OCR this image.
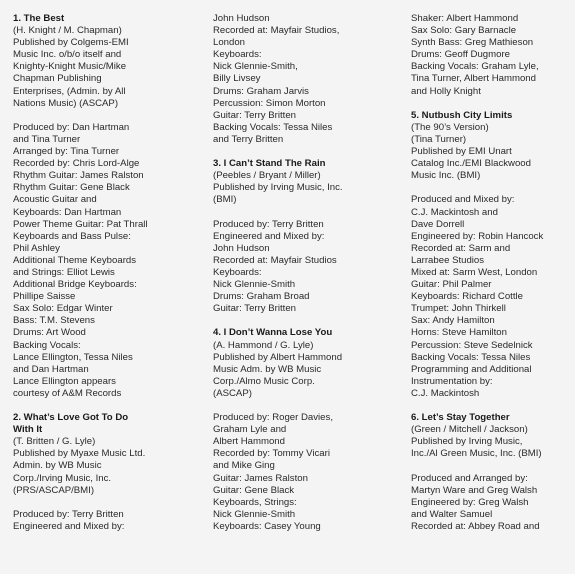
1. The Best
(H. Knight / M. Chapman)
Published by Colgems-EMI
Music Inc. o/b/o itself and
Knighty-Knight Music/Mike
Chapman Publishing
Enterprises, (Admin. by All
Nations Music) (ASCAP)
Produced by: Dan Hartman
and Tina Turner
Arranged by: Tina Turner
Recorded by: Chris Lord-Alge
Rhythm Guitar: James Ralston
Rhythm Guitar: Gene Black
Acoustic Guitar and
Keyboards: Dan Hartman
Power Theme Guitar: Pat Thrall
Keyboards and Bass Pulse:
Phil Ashley
Additional Theme Keyboards
and Strings: Elliot Lewis
Additional Bridge Keyboards:
Phillipe Saisse
Sax Solo: Edgar Winter
Bass: T.M. Stevens
Drums: Art Wood
Backing Vocals:
Lance Ellington, Tessa Niles
and Dan Hartman
Lance Ellington appears
courtesy of A&M Records
2. What’s Love Got To Do
With It
(T. Britten / G. Lyle)
Published by Myaxe Music Ltd.
Admin. by WB Music
Corp./Irving Music, Inc.
(PRS/ASCAP/BMI)
Produced by: Terry Britten
Engineered and Mixed by:
John Hudson
Recorded at: Mayfair Studios,
London
Keyboards:
Nick Glennie-Smith,
Billy Livsey
Drums: Graham Jarvis
Percussion: Simon Morton
Guitar: Terry Britten
Backing Vocals: Tessa Niles
and Terry Britten
3. I Can’t Stand The Rain
(Peebles / Bryant / Miller)
Published by Irving Music, Inc.
(BMI)
Produced by: Terry Britten
Engineered and Mixed by:
John Hudson
Recorded at: Mayfair Studios
Keyboards:
Nick Glennie-Smith
Drums: Graham Broad
Guitar: Terry Britten
4. I Don’t Wanna Lose You
(A. Hammond / G. Lyle)
Published by Albert Hammond
Music Adm. by WB Music
Corp./Almo Music Corp.
(ASCAP)
Produced by: Roger Davies,
Graham Lyle and
Albert Hammond
Recorded by: Tommy Vicari
and Mike Ging
Guitar: James Ralston
Guitar: Gene Black
Keyboards, Strings:
Nick Glennie-Smith
Keyboards: Casey Young
Shaker: Albert Hammond
Sax Solo: Gary Barnacle
Synth Bass: Greg Mathieson
Drums: Geoff Dugmore
Backing Vocals: Graham Lyle,
Tina Turner, Albert Hammond
and Holly Knight
5. Nutbush City Limits
(The 90’s Version)
(Tina Turner)
Published by EMI Unart
Catalog Inc./EMI Blackwood
Music Inc. (BMI)
Produced and Mixed by:
C.J. Mackintosh and
Dave Dorrell
Engineered by: Robin Hancock
Recorded at: Sarm and
Larrabee Studios
Mixed at: Sarm West, London
Guitar: Phil Palmer
Keyboards: Richard Cottle
Trumpet: John Thirkell
Sax: Andy Hamilton
Horns: Steve Hamilton
Percussion: Steve Sedelnick
Backing Vocals: Tessa Niles
Programming and Additional
Instrumentation by:
C.J. Mackintosh
6. Let’s Stay Together
(Green / Mitchell / Jackson)
Published by Irving Music,
Inc./Al Green Music, Inc. (BMI)
Produced and Arranged by:
Martyn Ware and Greg Walsh
Engineered by: Greg Walsh
and Walter Samuel
Recorded at: Abbey Road and
